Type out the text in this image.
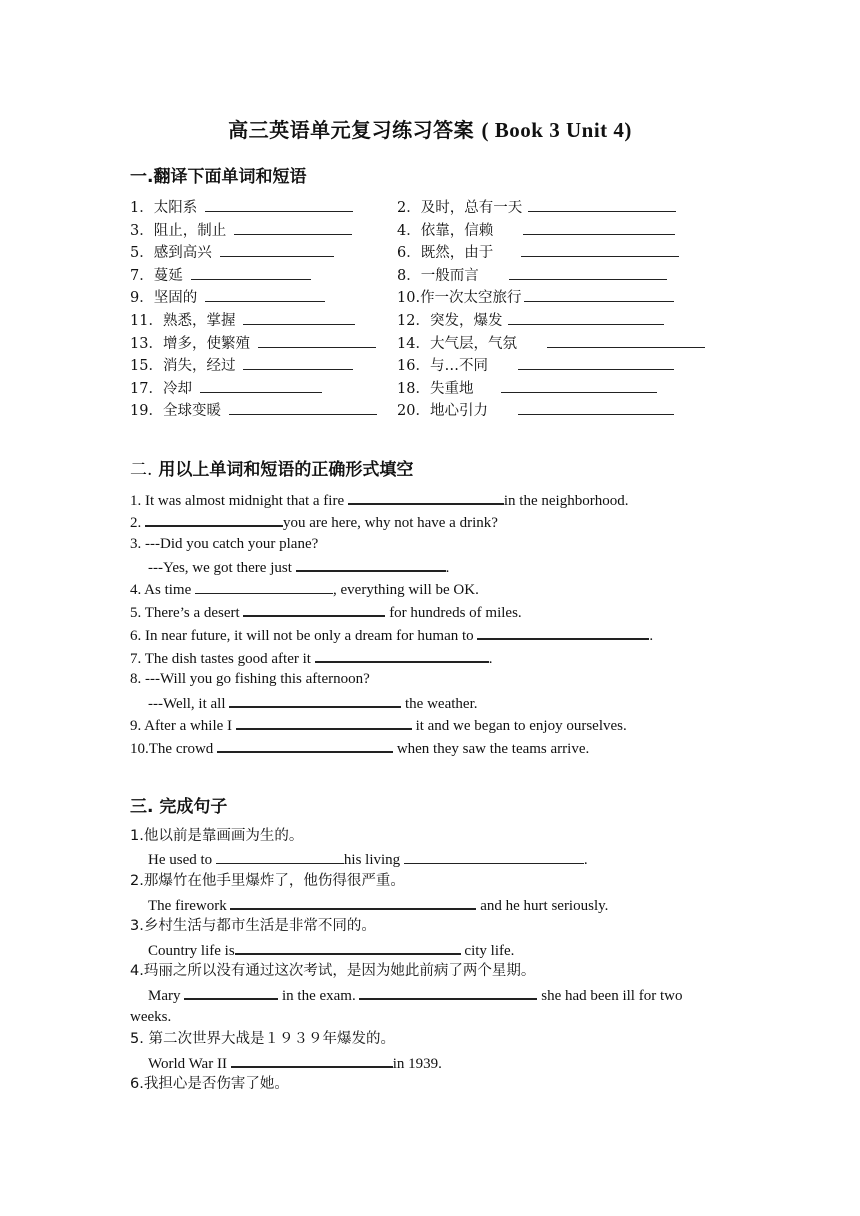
高三英语单元复习练习答案 ( Book 3 Unit 4)
一.翻译下面单词和短语
1．太阳系	2．及时，总有一天
3．阻止，制止	4．依靠，信赖
5．感到高兴	6．既然，由于
7．蔓延	8．一般而言
9．坚固的	10.作一次太空旅行
11．熟悉，掌握	12．突发，爆发
13．增多，使繁殖	14．大气层，气氛
15．消失，经过	16．与…不同
17．冷却	18．失重地
19．全球变暖	20．地心引力
二. 用以上单词和短语的正确形式填空
1. It was almost midnight that a fire	in the neighborhood.
2.	you are here, why not have a drink?
3. ---Did you catch your plane?
---Yes, we got there just	.
4. As time	, everything will be OK.
5. There’s a desert	for hundreds of miles.
6. In near future, it will not be only a dream for human to	.
7. The dish tastes good after it	.
8. ---Will you go fishing this afternoon?
---Well, it all	the weather.
9. After a while I	it and we began to enjoy ourselves.
10.The crowd	when they saw the teams arrive.
三. 完成句子
1.他以前是靠画画为生的。
He used to	his living	.
2.那爆竹在他手里爆炸了，他伤得很严重。
The firework	and he hurt seriously.
3.乡村生活与都市生活是非常不同的。
Country life is	city life.
4.玛丽之所以没有通过这次考试，是因为她此前病了两个星期。
Mary	in the exam.	she had been ill for two
weeks.
5. 第二次世界大战是１９３９年爆发的。
World War II	in 1939.
6.我担心是否伤害了她。
